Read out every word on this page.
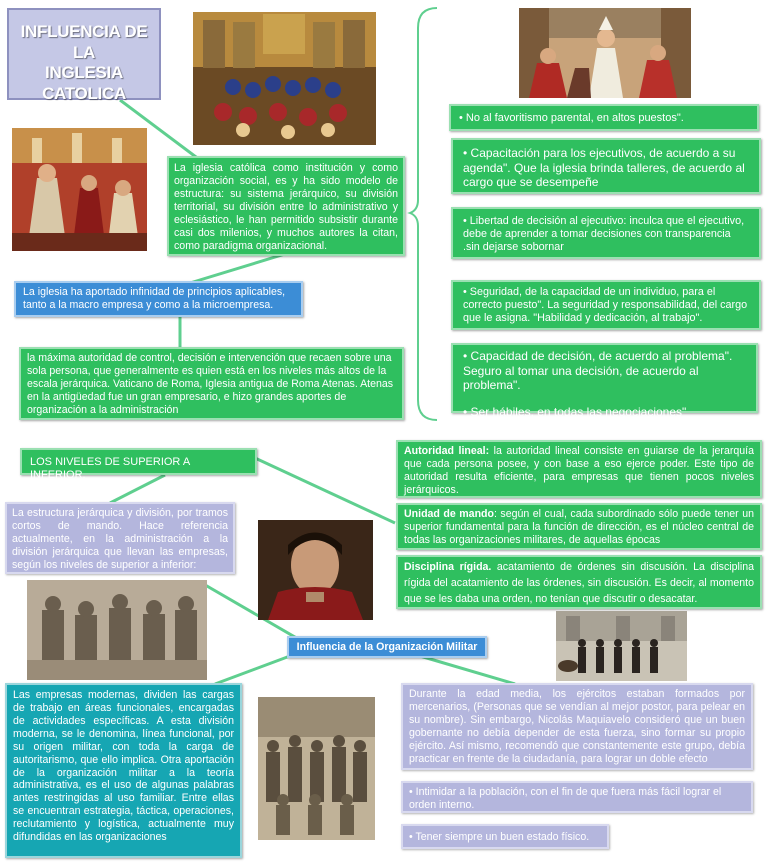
INFLUENCIA DE LA
INGLESIA
CATOLICA
La iglesia católica como institución y como organización social, es y ha sido modelo de estructura: su sistema jerárquico, su división territorial, su división entre lo administrativo y eclesiástico, le han permitido subsistir durante casi dos milenios, y muchos autores la citan, como paradigma organizacional.
La iglesia ha aportado infinidad de principios aplicables, tanto a la macro empresa y como a la microempresa.
la máxima autoridad de control, decisión e intervención que recaen sobre una sola persona, que generalmente es quien está en los niveles más altos de la escala jerárquica. Vaticano de Roma, Iglesia antigua de Roma Atenas. Atenas en la antigüedad fue un gran empresario, e hizo grandes aportes de organización a la administración
• No al favoritismo parental, en altos puestos".
• Capacitación para los ejecutivos, de acuerdo a su agenda". Que la iglesia brinda talleres, de acuerdo al cargo que se desempeñe
• Libertad de decisión al ejecutivo: inculca que el ejecutivo, debe de aprender a tomar decisiones con transparencia .sin dejarse sobornar
• Seguridad, de la capacidad de un individuo, para el correcto puesto". La seguridad y responsabilidad, del cargo que le asigna. "Habilidad y dedicación, al trabajo".
• Capacidad de decisión, de acuerdo al problema". Seguro al tomar una decisión, de acuerdo al problema".
• Ser hábiles, en todas las negociaciones"
LOS NIVELES DE SUPERIOR A INFERIOR.
La estructura jerárquica y división, por tramos cortos de mando. Hace referencia actualmente, en la administración a la división jerárquica que llevan las empresas, según los niveles de superior a inferior:
Autoridad lineal: la autoridad lineal consiste en guiarse de la jerarquía que cada persona posee, y con base a eso ejerce poder. Este tipo de autoridad resulta eficiente, para empresas que tienen pocos niveles jerárquicos.
Unidad de mando: según el cual, cada subordinado sólo puede tener un superior fundamental para la función de dirección, es el núcleo central de todas las organizaciones militares, de aquellas épocas
Disciplina rígida. acatamiento de órdenes sin discusión. La disciplina rígida del acatamiento de las órdenes, sin discusión. Es decir, al momento que se les daba una orden, no tenían que discutir o desacatar.
Influencia de la Organización Militar
Las empresas modernas, dividen las cargas de trabajo en áreas funcionales, encargadas de actividades específicas. A esta división moderna, se le denomina, línea funcional, por su origen militar, con toda la carga de autoritarismo, que ello implica. Otra aportación de la organización militar a la teoría administrativa, es el uso de algunas palabras antes restringidas al uso familiar. Entre ellas se encuentran estrategia, táctica, operaciones, reclutamiento y logística, actualmente muy difundidas en las organizaciones
Durante la edad media, los ejércitos estaban formados por mercenarios, (Personas que se vendían al mejor postor, para pelear en su nombre). Sin embargo, Nicolás Maquiavelo consideró que un buen gobernante no debía depender de esta fuerza, sino formar su propio ejército. Así mismo, recomendó que constantemente este grupo, debía practicar en frente de la ciudadanía, para lograr un doble efecto
• Intimidar a la población, con el fin de que fuera más fácil lograr el orden interno.
• Tener siempre un buen estado físico.
